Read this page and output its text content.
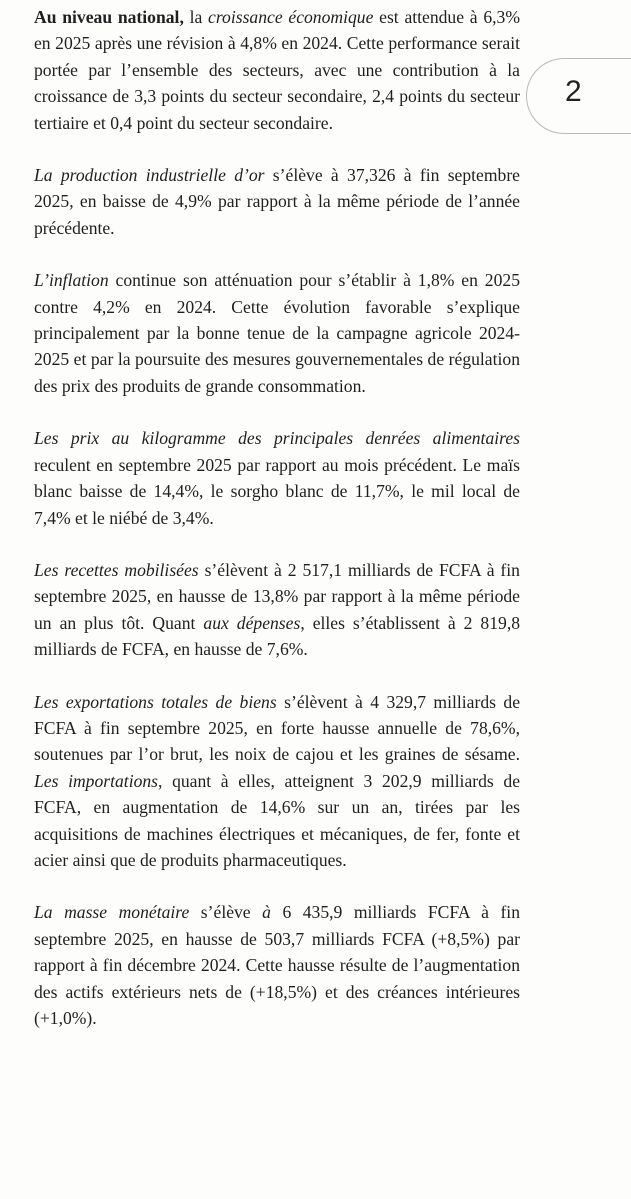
Au niveau national, la croissance économique est attendue à 6,3% en 2025 après une révision à 4,8% en 2024. Cette performance serait portée par l’ensemble des secteurs, avec une contribution à la croissance de 3,3 points du secteur secondaire, 2,4 points du secteur tertiaire et 0,4 point du secteur secondaire.

La production industrielle d’or s’élève à 37,326 à fin septembre 2025, en baisse de 4,9% par rapport à la même période de l’année précédente.

L’inflation continue son atténuation pour s’établir à 1,8% en 2025 contre 4,2% en 2024. Cette évolution favorable s’explique principalement par la bonne tenue de la campagne agricole 2024-2025 et par la poursuite des mesures gouvernementales de régulation des prix des produits de grande consommation.

Les prix au kilogramme des principales denrées alimentaires reculent en septembre 2025 par rapport au mois précédent. Le maïs blanc baisse de 14,4%, le sorgho blanc de 11,7%, le mil local de 7,4% et le niébé de 3,4%.

Les recettes mobilisées s’élèvent à 2 517,1 milliards de FCFA à fin septembre 2025, en hausse de 13,8% par rapport à la même période un an plus tôt. Quant aux dépenses, elles s’établissent à 2 819,8 milliards de FCFA, en hausse de 7,6%.

Les exportations totales de biens s’élèvent à 4 329,7 milliards de FCFA à fin septembre 2025, en forte hausse annuelle de 78,6%, soutenues par l’or brut, les noix de cajou et les graines de sésame. Les importations, quant à elles, atteignent 3 202,9 milliards de FCFA, en augmentation de 14,6% sur un an, tirées par les acquisitions de machines électriques et mécaniques, de fer, fonte et acier ainsi que de produits pharmaceutiques.

La masse monétaire s’élève à 6 435,9 milliards FCFA à fin septembre 2025, en hausse de 503,7 milliards FCFA (+8,5%) par rapport à fin décembre 2024. Cette hausse résulte de l’augmentation des actifs extérieurs nets de (+18,5%) et des créances intérieures (+1,0%).

2
